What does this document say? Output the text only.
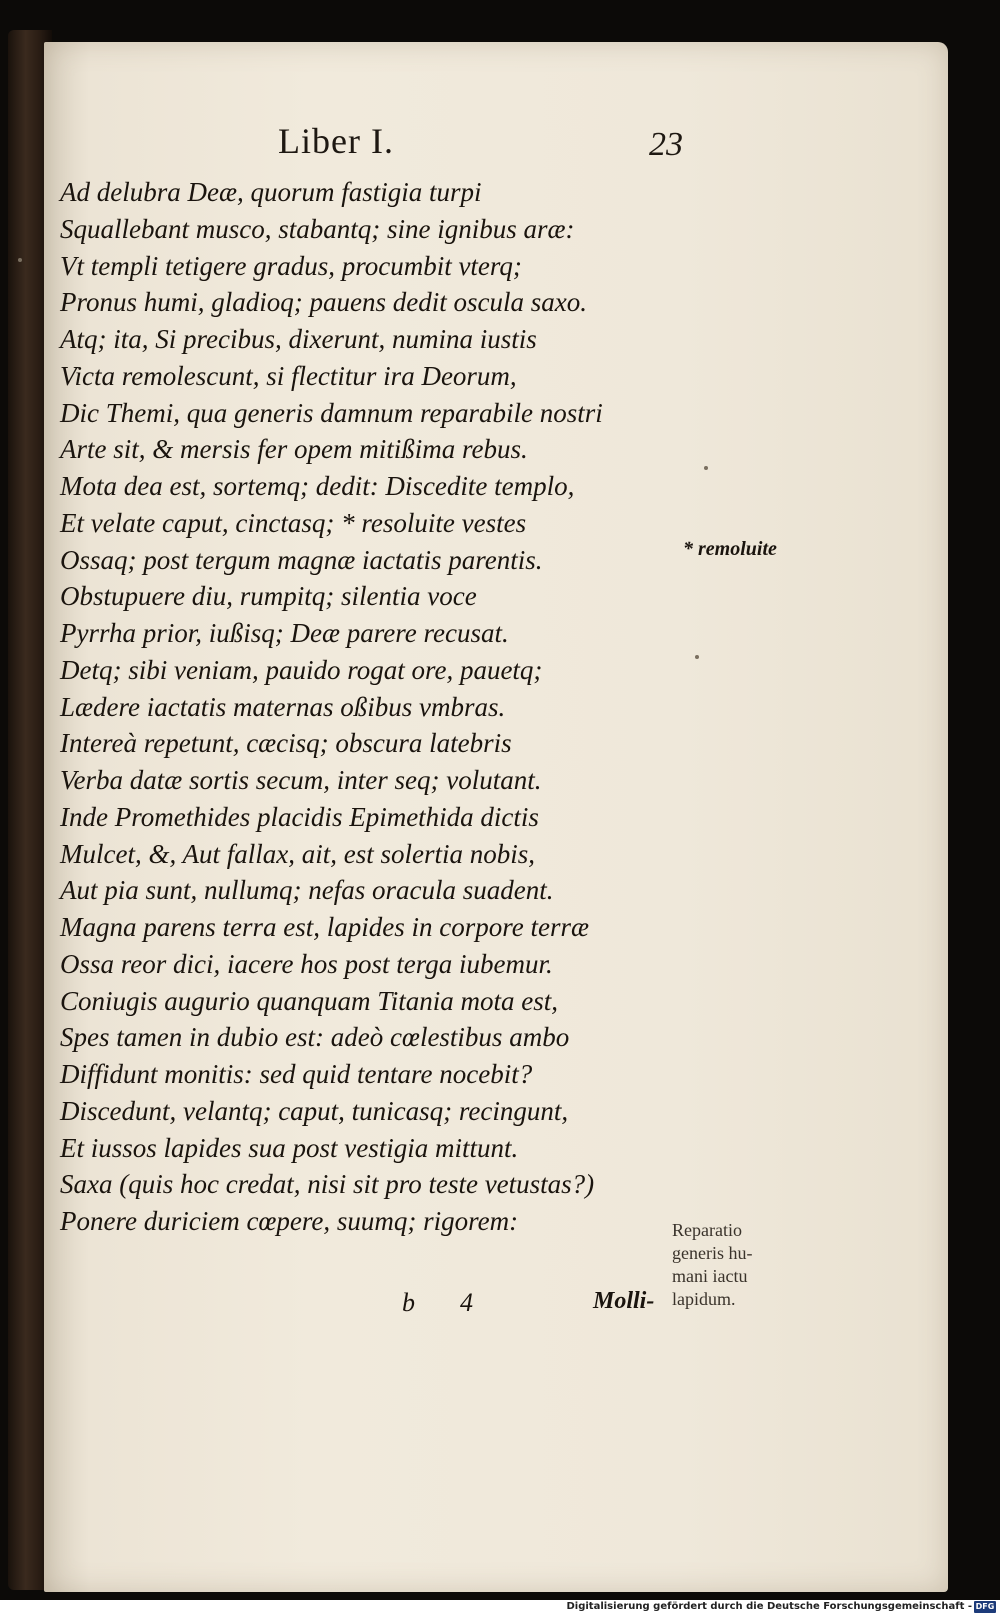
Liber I.	23
Ad delubra Deæ, quorum fastigia turpi
Squallebant musco, stabantq; sine ignibus aræ:
Vt templi tetigere gradus, procumbit vterq;
Pronus humi, gladioq; pauens dedit oscula saxo.
Atq; ita, Si precibus, dixerunt, numina iustis
Victa remolescunt, si flectitur ira Deorum,
Dic Themi, qua generis damnum reparabile nostri
Arte sit, & mersis fer opem mitißima rebus.
Mota dea est, sortemq; dedit: Discedite templo,
Et velate caput, cinctasq; * resoluite vestes
Ossaq; post tergum magnæ iactatis parentis.
Obstupuere diu, rumpitq; silentia voce
Pyrrha prior, iußisq; Deæ parere recusat.
Detq; sibi veniam, pauido rogat ore, pauetq;
Lædere iactatis maternas oßibus vmbras.
Intereà repetunt, cæcisq; obscura latebris
Verba datæ sortis secum, inter seq; volutant.
Inde Promethides placidis Epimethida dictis
Mulcet, &, Aut fallax, ait, est solertia nobis,
Aut pia sunt, nullumq; nefas oracula suadent.
Magna parens terra est, lapides in corpore terræ
Ossa reor dici, iacere hos post terga iubemur.
Coniugis augurio quanquam Titania mota est,
Spes tamen in dubio est: adeò cœlestibus ambo
Diffidunt monitis: sed quid tentare nocebit?
Discedunt, velantq; caput, tunicasq; recingunt,
Et iussos lapides sua post vestigia mittunt.
Saxa (quis hoc credat, nisi sit pro teste vetustas?)
Ponere duriciem cœpere, suumq; rigorem:
* remoluite
Reparatio
generis hu-
mani iactu
lapidum.
b 4	Molli-
Digitalisierung gefördert durch die Deutsche Forschungsgemeinschaft - DFG
